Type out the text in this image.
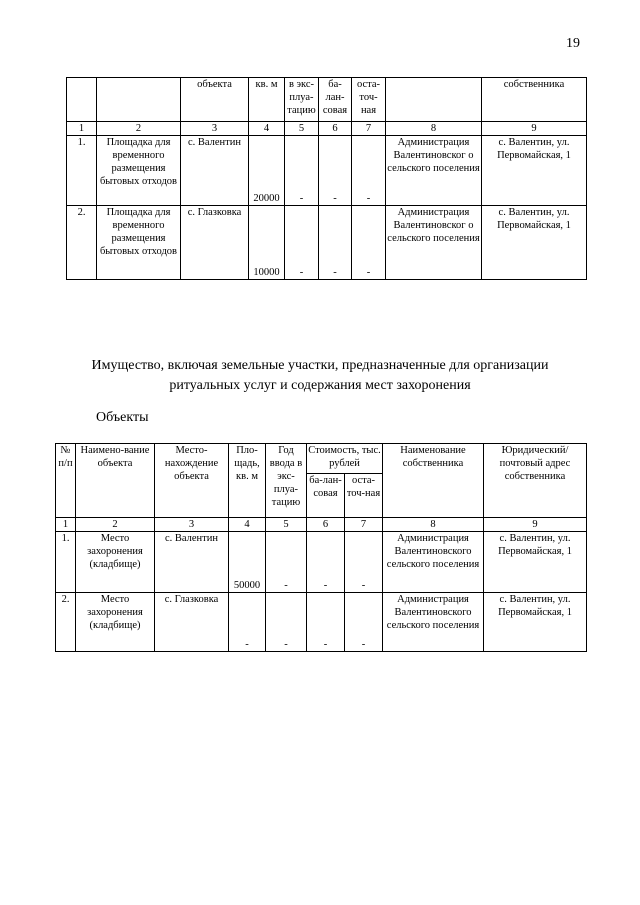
19
		объекта	кв. м	в экс-плуа-тацию	ба-лан-совая	оста-точ-ная		собственника
1	2	3	4	5	6	7	8	9
1.	Площадка для временного размещения бытовых отходов	с. Валентин	20000	-	-	-	Администрация Валентиновског о сельского поселения	с. Валентин, ул. Первомайская, 1
2.	Площадка для временного размещения бытовых отходов	с. Глазковка	10000	-	-	-	Администрация Валентиновског о сельского поселения	с. Валентин, ул. Первомайская, 1
Имущество, включая земельные участки, предназначенные для организации
ритуальных услуг и содержания мест захоронения
Объекты
№ п/п	Наимено-вание объекта	Место-нахождение объекта	Пло-щадь, кв. м	Год ввода в экс-плуа-тацию	Стоимость, тыс. рублей		Наименование собственника	Юридический/ почтовый адрес собственника
					ба-лан-совая	оста-точ-ная		
1	2	3	4	5	6	7	8	9
1.	Место захоронения (кладбище)	с. Валентин	50000	-	-	-	Администрация Валентиновского сельского поселения	с. Валентин, ул. Первомайская, 1
2.	Место захоронения (кладбище)	с. Глазковка	-	-	-	-	Администрация Валентиновского сельского поселения	с. Валентин, ул. Первомайская, 1
